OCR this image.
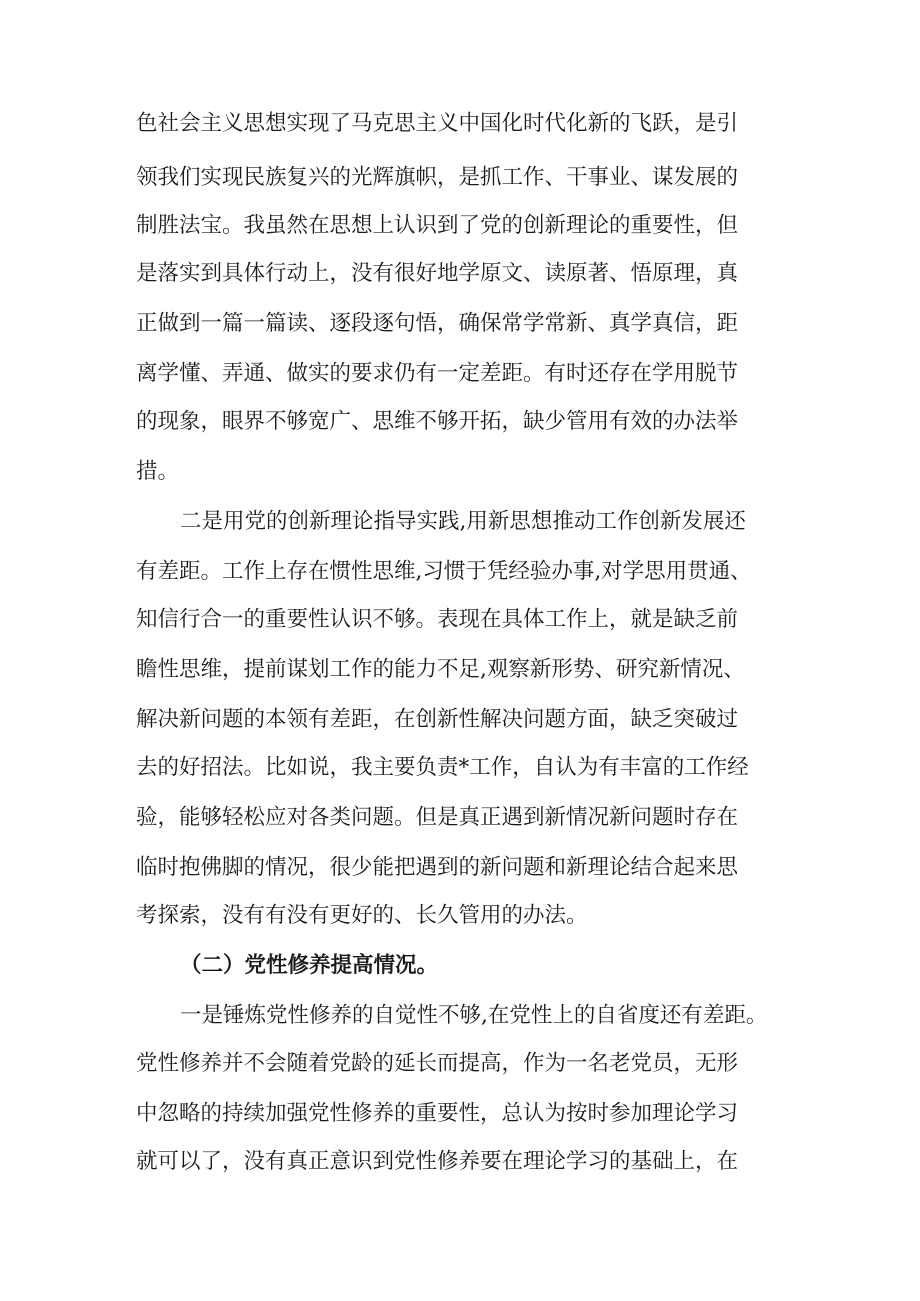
色社会主义思想实现了马克思主义中国化时代化新的飞跃，是引
领我们实现民族复兴的光辉旗帜，是抓工作、干事业、谋发展的
制胜法宝。我虽然在思想上认识到了党的创新理论的重要性，但
是落实到具体行动上，没有很好地学原文、读原著、悟原理，真
正做到一篇一篇读、逐段逐句悟，确保常学常新、真学真信，距
离学懂、弄通、做实的要求仍有一定差距。有时还存在学用脱节
的现象，眼界不够宽广、思维不够开拓，缺少管用有效的办法举
措。
二是用党的创新理论指导实践,用新思想推动工作创新发展还
有差距。工作上存在惯性思维,习惯于凭经验办事,对学思用贯通、
知信行合一的重要性认识不够。表现在具体工作上，就是缺乏前
瞻性思维，提前谋划工作的能力不足,观察新形势、研究新情况、
解决新问题的本领有差距，在创新性解决问题方面，缺乏突破过
去的好招法。比如说，我主要负责*工作，自认为有丰富的工作经
验，能够轻松应对各类问题。但是真正遇到新情况新问题时存在
临时抱佛脚的情况，很少能把遇到的新问题和新理论结合起来思
考探索，没有有没有更好的、长久管用的办法。
（二）党性修养提高情况。
一是锤炼党性修养的自觉性不够,在党性上的自省度还有差距。
党性修养并不会随着党龄的延长而提高，作为一名老党员，无形
中忽略的持续加强党性修养的重要性，总认为按时参加理论学习
就可以了，没有真正意识到党性修养要在理论学习的基础上，在
